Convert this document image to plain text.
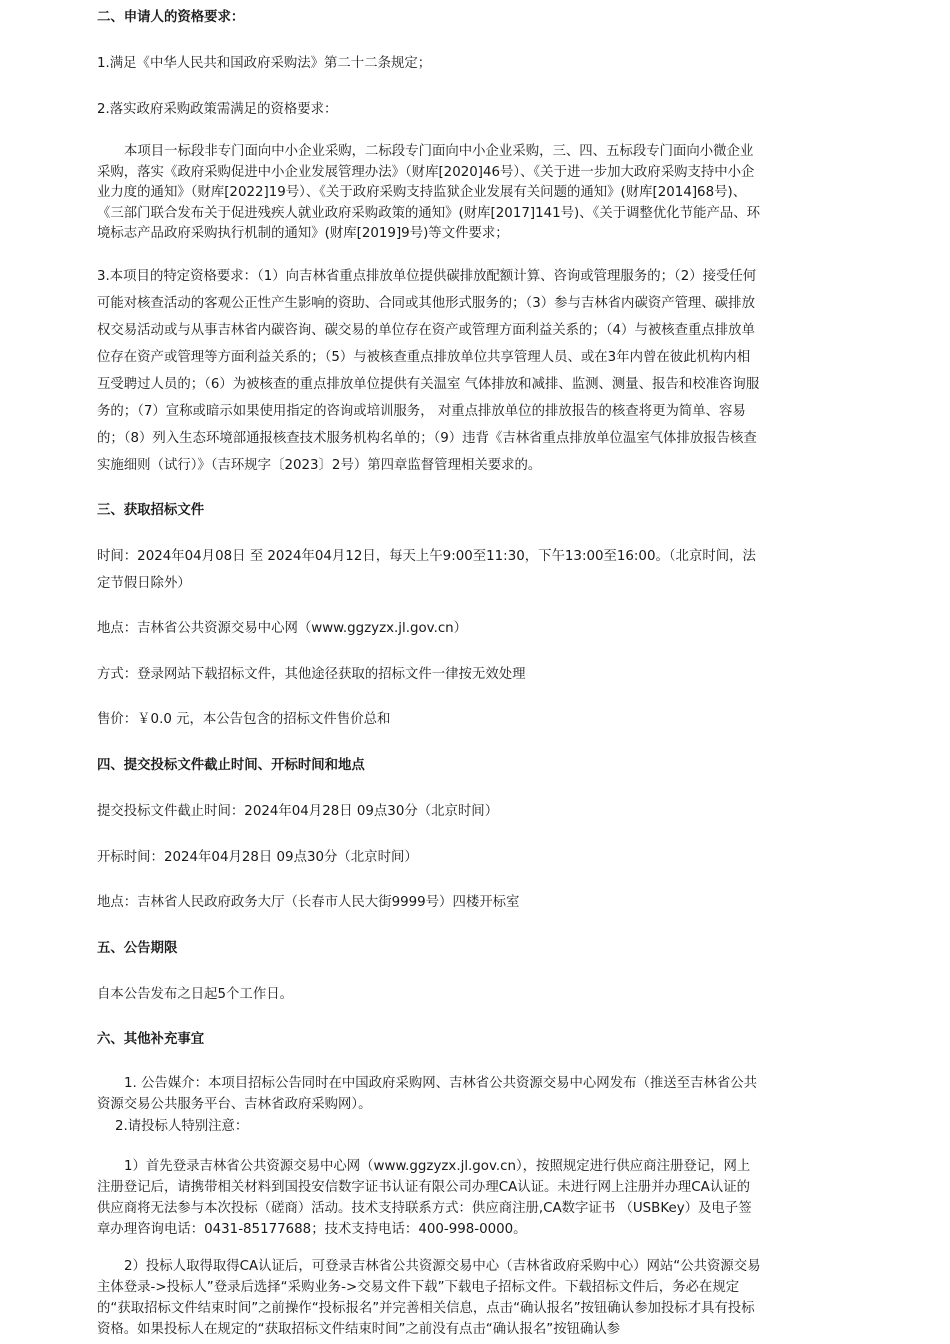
二、申请人的资格要求：

1.满足《中华人民共和国政府采购法》第二十二条规定；

2.落实政府采购政策需满足的资格要求：

本项目一标段非专门面向中小企业采购，二标段专门面向中小企业采购，三、四、五标段专门面向小微企业采购，落实《政府采购促进中小企业发展管理办法》（财库[2020]46号）、《关于进一步加大政府采购支持中小企业力度的通知》（财库[2022]19号）、《关于政府采购支持监狱企业发展有关问题的通知》(财库[2014]68号)、《三部门联合发布关于促进残疾人就业政府采购政策的通知》(财库[2017]141号)、《关于调整优化节能产品、环境标志产品政府采购执行机制的通知》(财库[2019]9号)等文件要求；

3.本项目的特定资格要求：（1）向吉林省重点排放单位提供碳排放配额计算、咨询或管理服务的；（2）接受任何可能对核查活动的客观公正性产生影响的资助、合同或其他形式服务的；（3）参与吉林省内碳资产管理、碳排放权交易活动或与从事吉林省内碳咨询、碳交易的单位存在资产或管理方面利益关系的；（4）与被核查重点排放单位存在资产或管理等方面利益关系的；（5）与被核查重点排放单位共享管理人员、或在3年内曾在彼此机构内相互受聘过人员的；（6）为被核查的重点排放单位提供有关温室 气体排放和减排、监测、测量、报告和校准咨询服务的；（7）宣称或暗示如果使用指定的咨询或培训服务， 对重点排放单位的排放报告的核查将更为简单、容易的；（8）列入生态环境部通报核查技术服务机构名单的；（9）违背《吉林省重点排放单位温室气体排放报告核查实施细则（试行）》（吉环规字〔2023〕2号）第四章监督管理相关要求的。

三、获取招标文件

时间：2024年04月08日 至 2024年04月12日，每天上午9:00至11:30，下午13:00至16:00。（北京时间，法定节假日除外）

地点：吉林省公共资源交易中心网（www.ggzyzx.jl.gov.cn）

方式：登录网站下载招标文件，其他途径获取的招标文件一律按无效处理

售价：￥0.0 元，本公告包含的招标文件售价总和

四、提交投标文件截止时间、开标时间和地点

提交投标文件截止时间：2024年04月28日 09点30分（北京时间）

开标时间：2024年04月28日 09点30分（北京时间）

地点：吉林省人民政府政务大厅（长春市人民大街9999号）四楼开标室

五、公告期限

自本公告发布之日起5个工作日。

六、其他补充事宜

1. 公告媒介：本项目招标公告同时在中国政府采购网、吉林省公共资源交易中心网发布（推送至吉林省公共资源交易公共服务平台、吉林省政府采购网）。

2.请投标人特别注意：

1）首先登录吉林省公共资源交易中心网（www.ggzyzx.jl.gov.cn），按照规定进行供应商注册登记，网上注册登记后，请携带相关材料到国投安信数字证书认证有限公司办理CA认证。未进行网上注册并办理CA认证的供应商将无法参与本次投标（磋商）活动。技术支持联系方式：供应商注册,CA数字证书 （USBKey）及电子签章办理咨询电话：0431-85177688；技术支持电话：400-998-0000。

2）投标人取得取得CA认证后，可登录吉林省公共资源交易中心（吉林省政府采购中心）网站“公共资源交易主体登录->投标人”登录后选择“采购业务->交易文件下载”下载电子招标文件。下载招标文件后，务必在规定的“获取招标文件结束时间”之前操作“投标报名”并完善相关信息，点击“确认报名”按钮确认参加投标才具有投标资格。如果投标人在规定的“获取招标文件结束时间”之前没有点击“确认报名”按钮确认参
